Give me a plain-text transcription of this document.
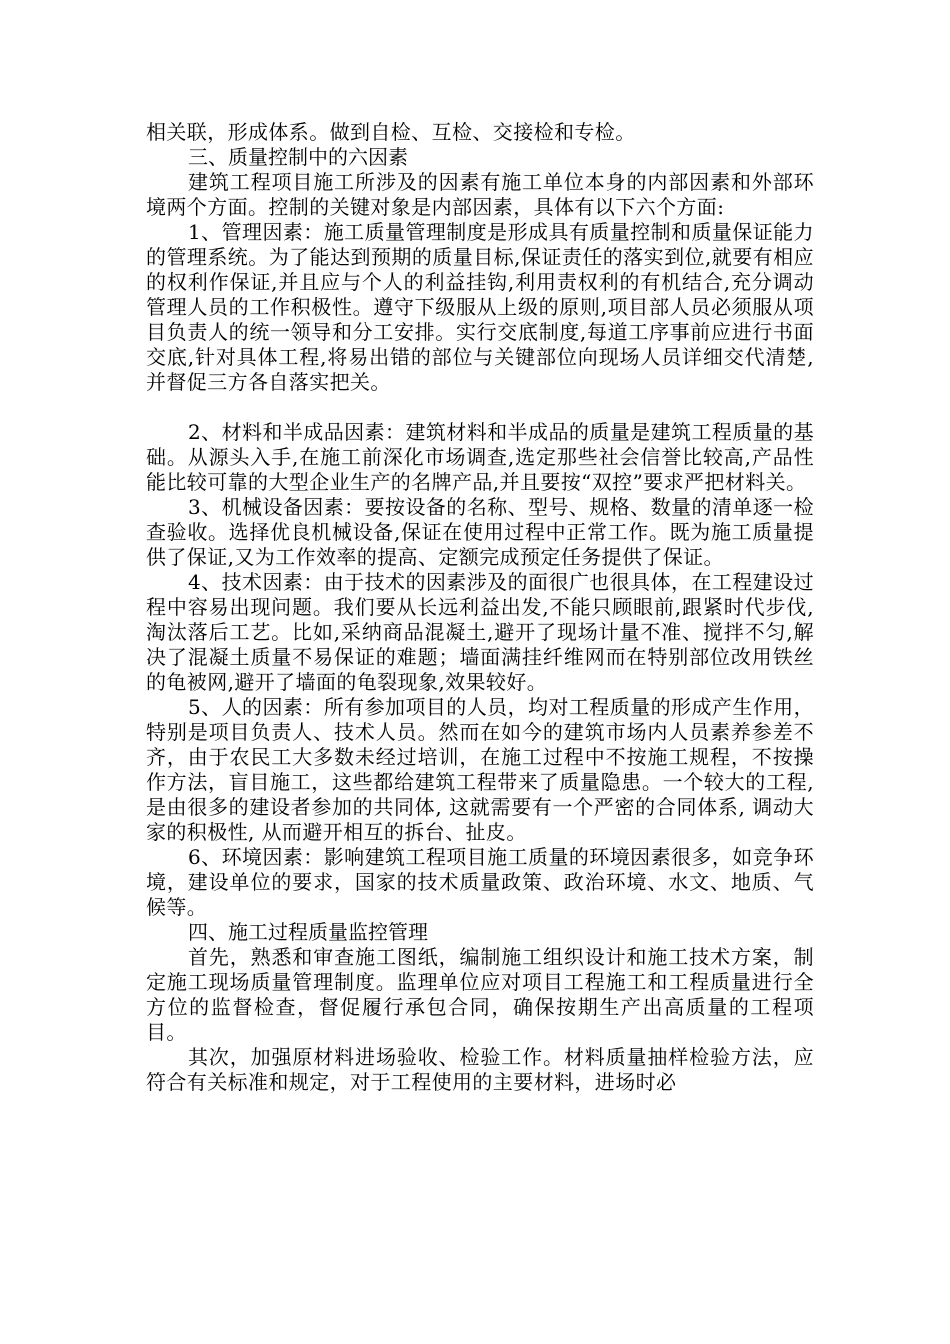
相关联，形成体系。做到自检、互检、交接检和专检。

三、质量控制中的六因素

建筑工程项目施工所涉及的因素有施工单位本身的内部因素和外部环境两个方面。控制的关键对象是内部因素，具体有以下六个方面:

1、管理因素：施工质量管理制度是形成具有质量控制和质量保证能力的管理系统。为了能达到预期的质量目标,保证责任的落实到位,就要有相应的权利作保证,并且应与个人的利益挂钩,利用责权利的有机结合,充分调动管理人员的工作积极性。遵守下级服从上级的原则,项目部人员必须服从项目负责人的统一领导和分工安排。实行交底制度,每道工序事前应进行书面交底,针对具体工程,将易出错的部位与关键部位向现场人员详细交代清楚,并督促三方各自落实把关。

2、材料和半成品因素：建筑材料和半成品的质量是建筑工程质量的基础。从源头入手,在施工前深化市场调查,选定那些社会信誉比较高,产品性能比较可靠的大型企业生产的名牌产品,并且要按“双控”要求严把材料关。

3、机械设备因素：要按设备的名称、型号、规格、数量的清单逐一检查验收。选择优良机械设备,保证在使用过程中正常工作。既为施工质量提供了保证,又为工作效率的提高、定额完成预定任务提供了保证。

4、技术因素：由于技术的因素涉及的面很广也很具体，在工程建设过程中容易出现问题。我们要从长远利益出发,不能只顾眼前,跟紧时代步伐,淘汰落后工艺。比如,采纳商品混凝土,避开了现场计量不准、搅拌不匀,解决了混凝土质量不易保证的难题；墙面满挂纤维网而在特别部位改用铁丝的龟被网,避开了墙面的龟裂现象,效果较好。

5、人的因素：所有参加项目的人员，均对工程质量的形成产生作用，特别是项目负责人、技术人员。然而在如今的建筑市场内人员素养参差不齐，由于农民工大多数未经过培训，在施工过程中不按施工规程，不按操作方法，盲目施工，这些都给建筑工程带来了质量隐患。一个较大的工程, 是由很多的建设者参加的共同体, 这就需要有一个严密的合同体系, 调动大家的积极性, 从而避开相互的拆台、扯皮。

6、环境因素：影响建筑工程项目施工质量的环境因素很多，如竞争环境，建设单位的要求，国家的技术质量政策、政治环境、水文、地质、气候等。

四、施工过程质量监控管理

首先，熟悉和审查施工图纸，编制施工组织设计和施工技术方案，制定施工现场质量管理制度。监理单位应对项目工程施工和工程质量进行全方位的监督检查，督促履行承包合同，确保按期生产出高质量的工程项目。

其次，加强原材料进场验收、检验工作。材料质量抽样检验方法，应符合有关标准和规定，对于工程使用的主要材料，进场时必
